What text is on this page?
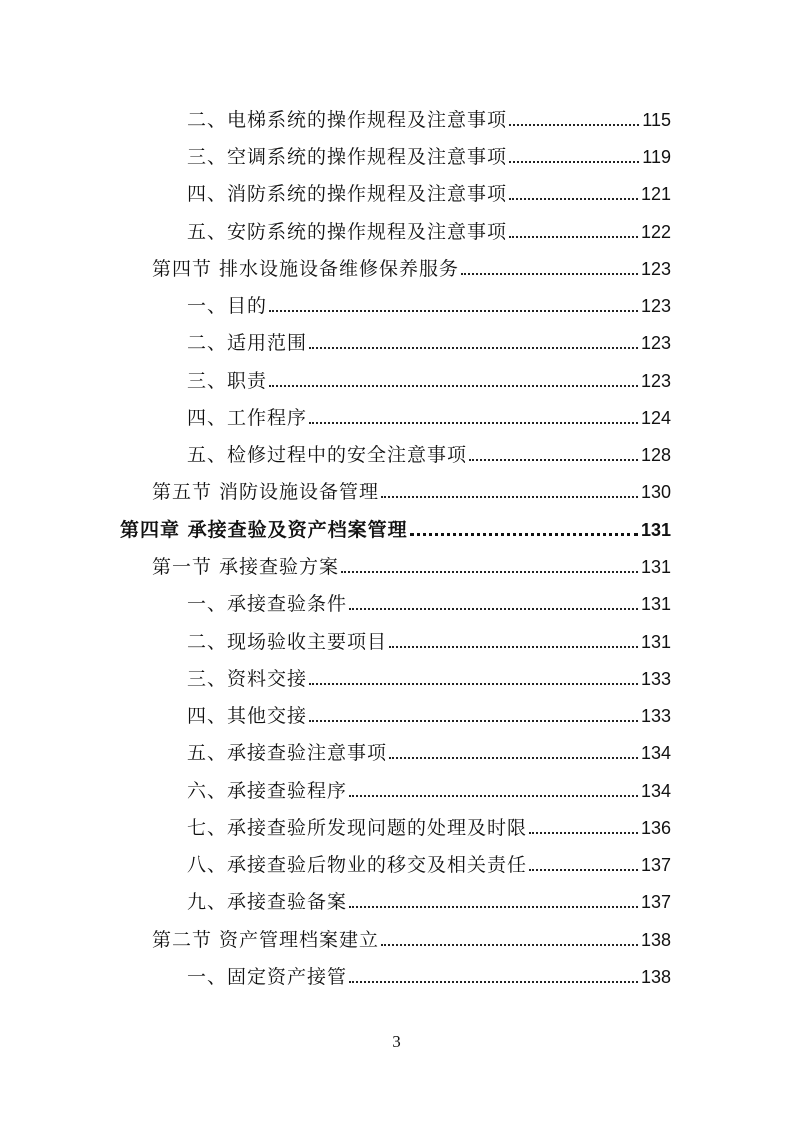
二、电梯系统的操作规程及注意事项	115
三、空调系统的操作规程及注意事项	119
四、消防系统的操作规程及注意事项	121
五、安防系统的操作规程及注意事项	122
第四节 排水设施设备维修保养服务	123
一、目的	123
二、适用范围	123
三、职责	123
四、工作程序	124
五、检修过程中的安全注意事项	128
第五节 消防设施设备管理	130
第四章 承接查验及资产档案管理	131
第一节 承接查验方案	131
一、承接查验条件	131
二、现场验收主要项目	131
三、资料交接	133
四、其他交接	133
五、承接查验注意事项	134
六、承接查验程序	134
七、承接查验所发现问题的处理及时限	136
八、承接查验后物业的移交及相关责任	137
九、承接查验备案	137
第二节 资产管理档案建立	138
一、固定资产接管	138
3
